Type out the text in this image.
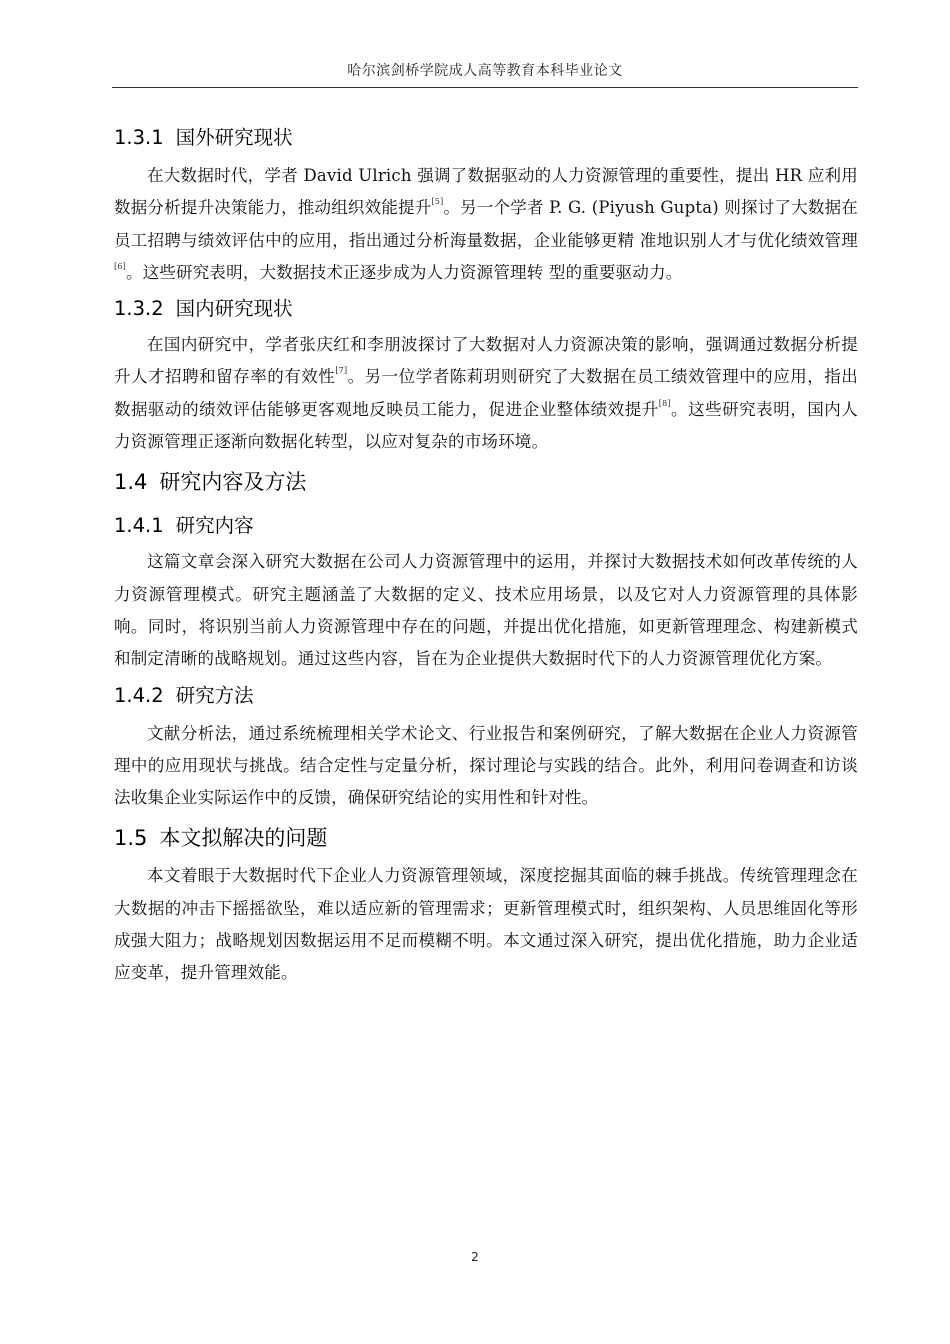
哈尔滨剑桥学院成人高等教育本科毕业论文
1.3.1 国外研究现状

在大数据时代，学者 David Ulrich 强调了数据驱动的人力资源管理的重要性，提出 HR 应利用数据分析提升决策能力，推动组织效能提升[5]。另一个学者 P. G. (Piyush Gupta) 则探讨了大数据在员工招聘与绩效评估中的应用，指出通过分析海量数据，企业能够更精 准地识别人才与优化绩效管理[6]。这些研究表明，大数据技术正逐步成为人力资源管理转 型的重要驱动力。

1.3.2 国内研究现状

在国内研究中，学者张庆红和李朋波探讨了大数据对人力资源决策的影响，强调通过数据分析提升人才招聘和留存率的有效性[7]。另一位学者陈莉玥则研究了大数据在员工绩效管理中的应用，指出数据驱动的绩效评估能够更客观地反映员工能力，促进企业整体绩效提升[8]。这些研究表明，国内人力资源管理正逐渐向数据化转型，以应对复杂的市场环境。

1.4 研究内容及方法
1.4.1 研究内容

这篇文章会深入研究大数据在公司人力资源管理中的运用，并探讨大数据技术如何改革传统的人力资源管理模式。研究主题涵盖了大数据的定义、技术应用场景，以及它对人力资源管理的具体影响。同时，将识别当前人力资源管理中存在的问题，并提出优化措施，如更新管理理念、构建新模式和制定清晰的战略规划。通过这些内容，旨在为企业提供大数据时代下的人力资源管理优化方案。

1.4.2 研究方法

文献分析法，通过系统梳理相关学术论文、行业报告和案例研究，了解大数据在企业人力资源管理中的应用现状与挑战。结合定性与定量分析，探讨理论与实践的结合。此外，利用问卷调查和访谈法收集企业实际运作中的反馈，确保研究结论的实用性和针对性。

1.5 本文拟解决的问题

本文着眼于大数据时代下企业人力资源管理领域，深度挖掘其面临的棘手挑战。传统管理理念在大数据的冲击下摇摇欲坠，难以适应新的管理需求；更新管理模式时，组织架构、人员思维固化等形成强大阻力；战略规划因数据运用不足而模糊不明。本文通过深入研究，提出优化措施，助力企业适应变革，提升管理效能。

2
